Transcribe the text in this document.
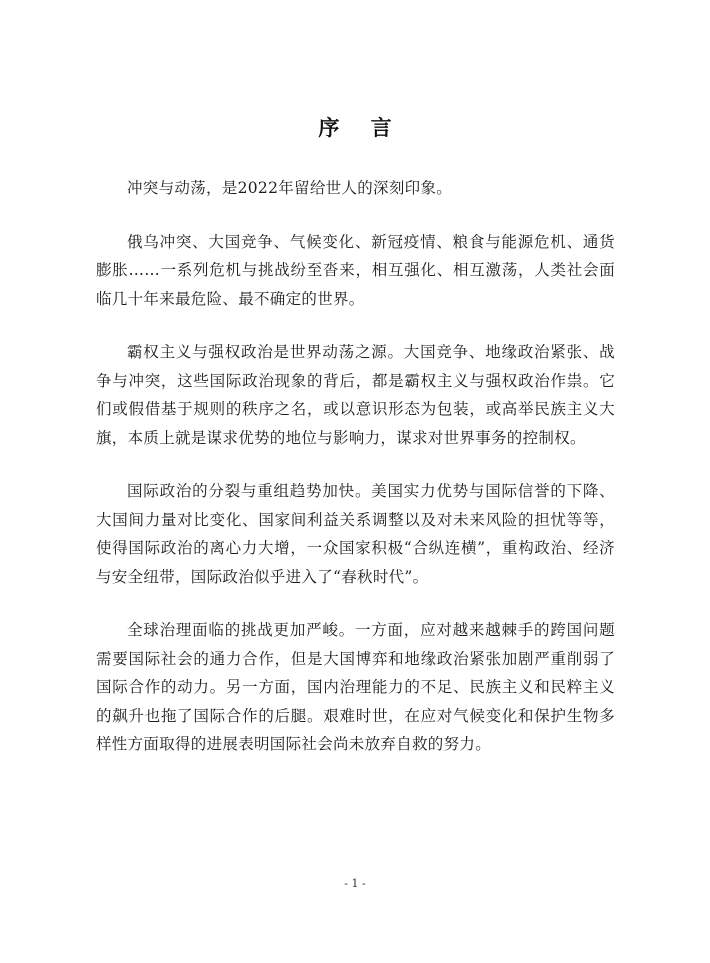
序 言

冲突与动荡，是2022年留给世人的深刻印象。

俄乌冲突、大国竞争、气候变化、新冠疫情、粮食与能源危机、通货膨胀……一系列危机与挑战纷至沓来，相互强化、相互激荡，人类社会面临几十年来最危险、最不确定的世界。

霸权主义与强权政治是世界动荡之源。大国竞争、地缘政治紧张、战争与冲突，这些国际政治现象的背后，都是霸权主义与强权政治作祟。它们或假借基于规则的秩序之名，或以意识形态为包装，或高举民族主义大旗，本质上就是谋求优势的地位与影响力，谋求对世界事务的控制权。

国际政治的分裂与重组趋势加快。美国实力优势与国际信誉的下降、大国间力量对比变化、国家间利益关系调整以及对未来风险的担忧等等，使得国际政治的离心力大增，一众国家积极“合纵连横”，重构政治、经济与安全纽带，国际政治似乎进入了“春秋时代”。

全球治理面临的挑战更加严峻。一方面，应对越来越棘手的跨国问题需要国际社会的通力合作，但是大国博弈和地缘政治紧张加剧严重削弱了国际合作的动力。另一方面，国内治理能力的不足、民族主义和民粹主义的飙升也拖了国际合作的后腿。艰难时世，在应对气候变化和保护生物多样性方面取得的进展表明国际社会尚未放弃自救的努力。

- 1 -
